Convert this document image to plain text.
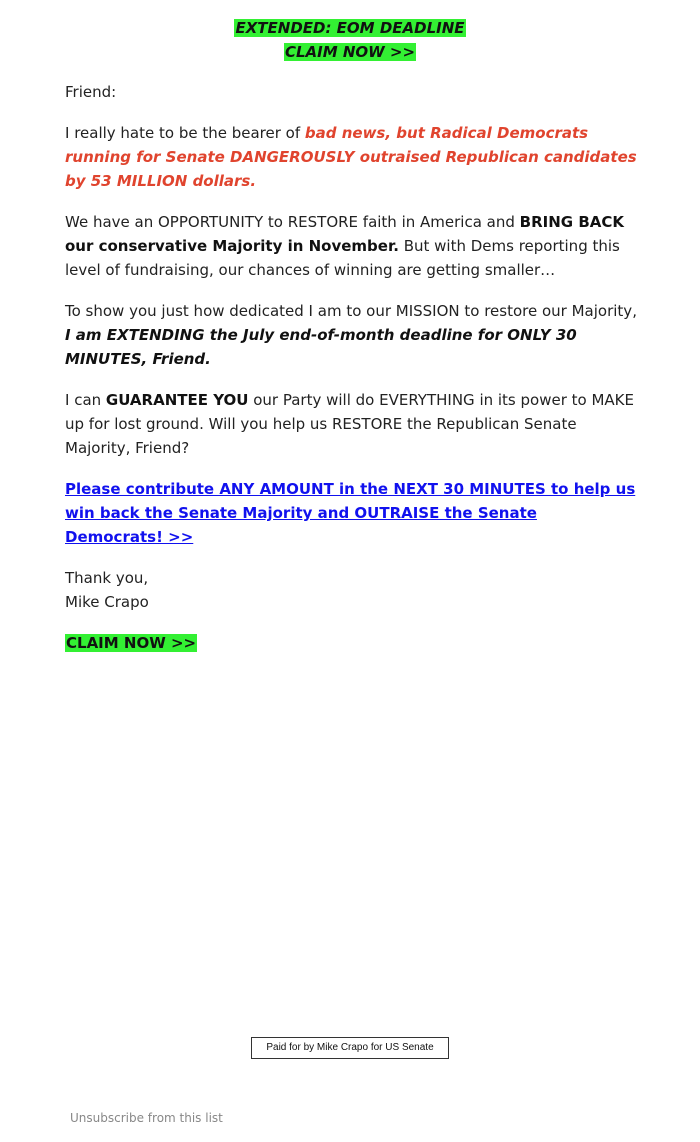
EXTENDED: EOM DEADLINE
CLAIM NOW >>

Friend:

I really hate to be the bearer of bad news, but Radical Democrats running for Senate DANGEROUSLY outraised Republican candidates by 53 MILLION dollars.

We have an OPPORTUNITY to RESTORE faith in America and BRING BACK our conservative Majority in November. But with Dems reporting this level of fundraising, our chances of winning are getting smaller…

To show you just how dedicated I am to our MISSION to restore our Majority, I am EXTENDING the July end-of-month deadline for ONLY 30 MINUTES, Friend.

I can GUARANTEE YOU our Party will do EVERYTHING in its power to MAKE up for lost ground. Will you help us RESTORE the Republican Senate Majority, Friend?

Please contribute ANY AMOUNT in the NEXT 30 MINUTES to help us win back the Senate Majority and OUTRAISE the Senate Democrats! >>

Thank you,
Mike Crapo

CLAIM NOW >>

Paid for by Mike Crapo for US Senate
Unsubscribe from this list
